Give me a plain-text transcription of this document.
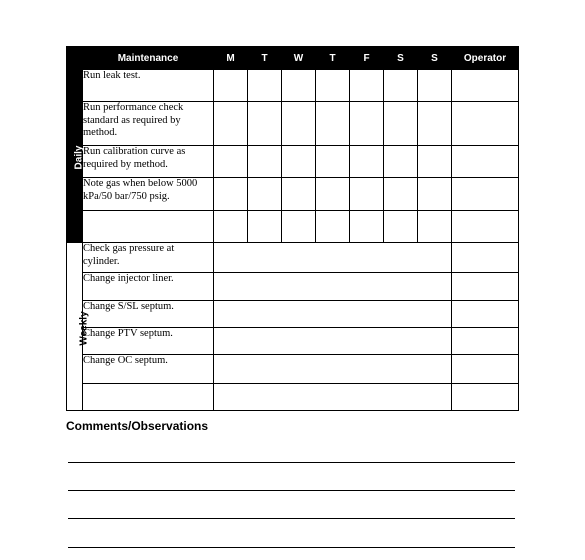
	Maintenance	M	T	W	T	F	S	S	Operator
Daily	Run leak test.								
	Run performance check standard as required by method.								
	Run calibration curve as required by method.								
	Note gas when below 5000 kPa/50 bar/750 psig.								

Weekly	Check gas pressure at cylinder.								
	Change injector liner.								
	Change S/SL septum.								
	Change PTV septum.								
	Change OC septum.								

Comments/Observations
